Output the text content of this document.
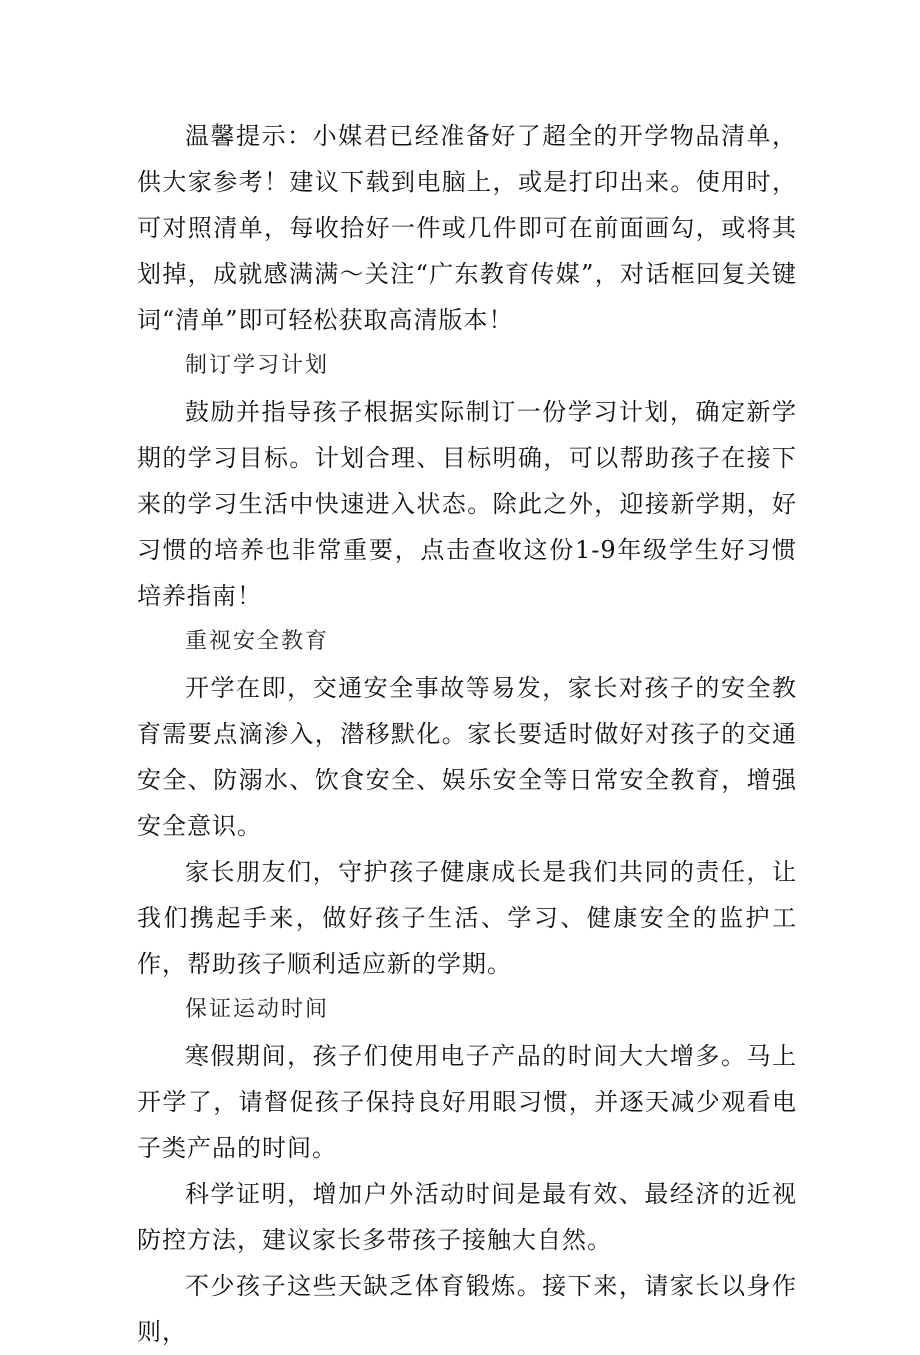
温馨提示：小媒君已经准备好了超全的开学物品清单，供大家参考！建议下载到电脑上，或是打印出来。使用时，可对照清单，每收拾好一件或几件即可在前面画勾，或将其划掉，成就感满满～关注“广东教育传媒”，对话框回复关键词“清单”即可轻松获取高清版本！

制订学习计划

鼓励并指导孩子根据实际制订一份学习计划，确定新学期的学习目标。计划合理、目标明确，可以帮助孩子在接下来的学习生活中快速进入状态。除此之外，迎接新学期，好习惯的培养也非常重要，点击查收这份1-9年级学生好习惯培养指南！

重视安全教育

开学在即，交通安全事故等易发，家长对孩子的安全教育需要点滴渗入，潜移默化。家长要适时做好对孩子的交通安全、防溺水、饮食安全、娱乐安全等日常安全教育，增强安全意识。

家长朋友们，守护孩子健康成长是我们共同的责任，让我们携起手来，做好孩子生活、学习、健康安全的监护工作，帮助孩子顺利适应新的学期。

保证运动时间

寒假期间，孩子们使用电子产品的时间大大增多。马上开学了，请督促孩子保持良好用眼习惯，并逐天减少观看电子类产品的时间。

科学证明，增加户外活动时间是最有效、最经济的近视防控方法，建议家长多带孩子接触大自然。

不少孩子这些天缺乏体育锻炼。接下来，请家长以身作则，
